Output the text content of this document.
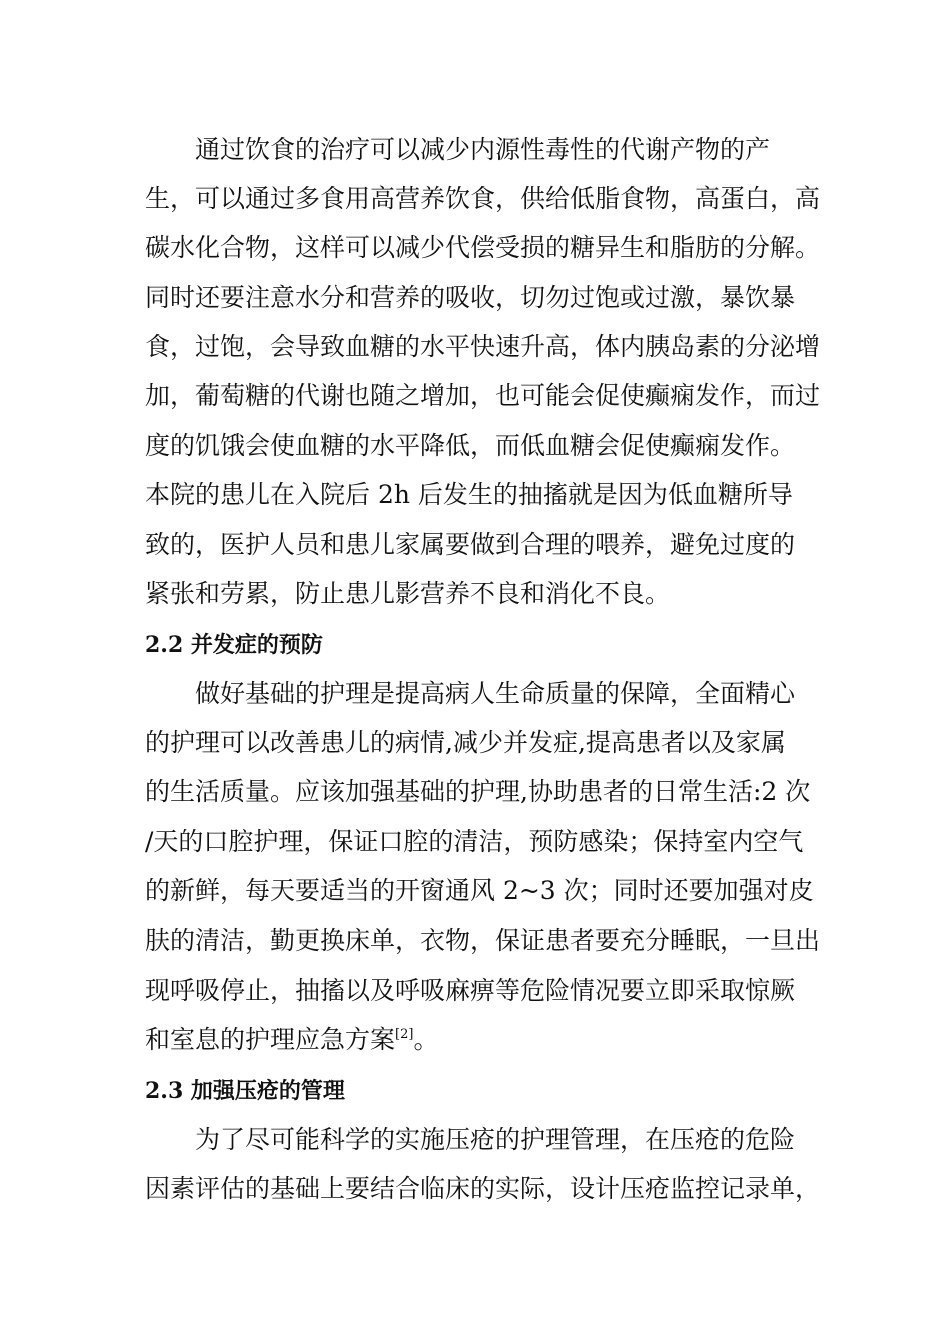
通过饮食的治疗可以减少内源性毒性的代谢产物的产
生，可以通过多食用高营养饮食，供给低脂食物，高蛋白，高
碳水化合物，这样可以减少代偿受损的糖异生和脂肪的分解。
同时还要注意水分和营养的吸收，切勿过饱或过激，暴饮暴
食，过饱，会导致血糖的水平快速升高，体内胰岛素的分泌增
加，葡萄糖的代谢也随之增加，也可能会促使癫痫发作，而过
度的饥饿会使血糖的水平降低，而低血糖会促使癫痫发作。
本院的患儿在入院后 2h 后发生的抽搐就是因为低血糖所导
致的，医护人员和患儿家属要做到合理的喂养，避免过度的
紧张和劳累，防止患儿影营养不良和消化不良。
2.2 并发症的预防
做好基础的护理是提高病人生命质量的保障，全面精心
的护理可以改善患儿的病情,减少并发症,提高患者以及家属
的生活质量。应该加强基础的护理,协助患者的日常生活:2 次
/天的口腔护理，保证口腔的清洁，预防感染；保持室内空气
的新鲜，每天要适当的开窗通风 2~3 次；同时还要加强对皮
肤的清洁，勤更换床单，衣物，保证患者要充分睡眠，一旦出
现呼吸停止，抽搐以及呼吸麻痹等危险情况要立即采取惊厥
和室息的护理应急方案[2]。
2.3 加强压疮的管理
为了尽可能科学的实施压疮的护理管理，在压疮的危险
因素评估的基础上要结合临床的实际，设计压疮监控记录单，
